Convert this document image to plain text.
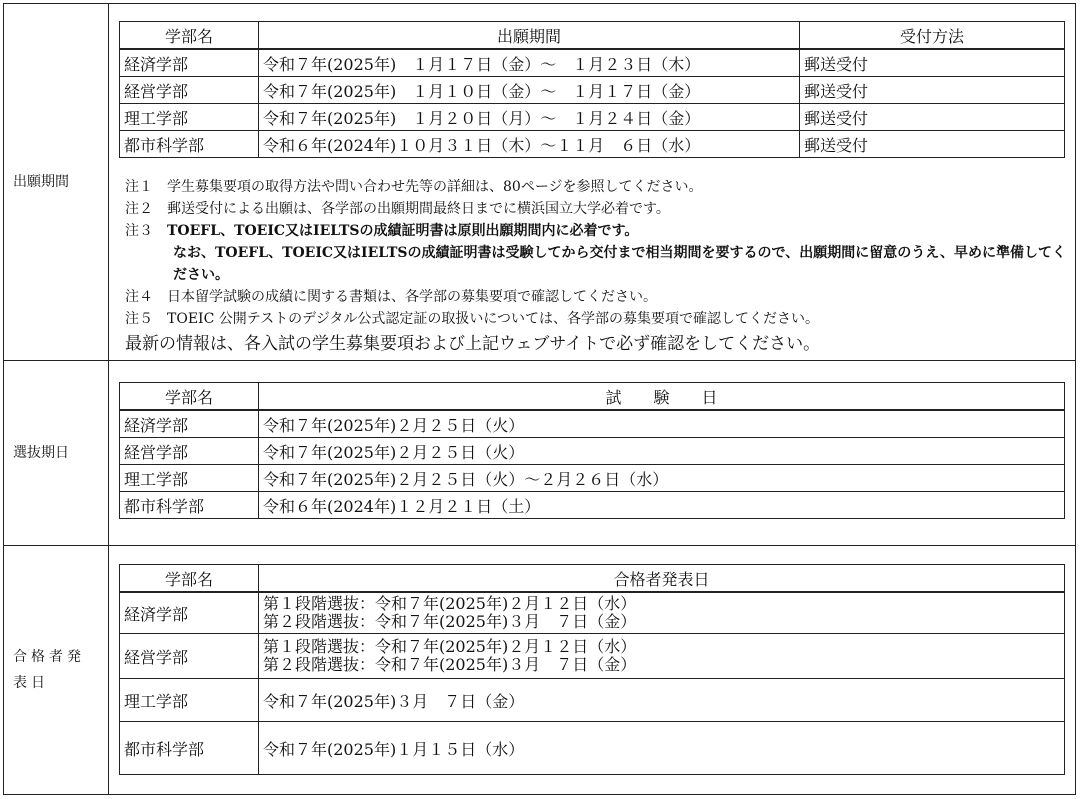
出願期間
選抜期日
合格者発表日
学部名	出願期間	受付方法
経済学部	令和７年(2025年)　１月１７日（金）～　１月２３日（木）	郵送受付
経営学部	令和７年(2025年)　１月１０日（金）～　１月１７日（金）	郵送受付
理工学部	令和７年(2025年)　１月２０日（月）～　１月２４日（金）	郵送受付
都市科学部	令和６年(2024年)１０月３１日（木）～１１月　６日（水）	郵送受付
注１　学生募集要項の取得方法や問い合わせ先等の詳細は、80ページを参照してください。
注２　郵送受付による出願は、各学部の出願期間最終日までに横浜国立大学必着です。
注３　TOEFL、TOEIC又はIELTSの成績証明書は原則出願期間内に必着です。
なお、TOEFL、TOEIC又はIELTSの成績証明書は受験してから交付まで相当期間を要するので、出願期間に留意のうえ、早めに準備してください。
注４　日本留学試験の成績に関する書類は、各学部の募集要項で確認してください。
注５　TOEIC 公開テストのデジタル公式認定証の取扱いについては、各学部の募集要項で確認してください。
最新の情報は、各入試の学生募集要項および上記ウェブサイトで必ず確認をしてください。
学部名	試　　験　　日
経済学部	令和７年(2025年)２月２５日（火）
経営学部	令和７年(2025年)２月２５日（火）
理工学部	令和７年(2025年)２月２５日（火）～２月２６日（水）
都市科学部	令和６年(2024年)１２月２１日（土）
学部名	合格者発表日
経済学部	第１段階選抜：令和７年(2025年)２月１２日（水）
第２段階選抜：令和７年(2025年)３月　７日（金）

経営学部	第１段階選抜：令和７年(2025年)２月１２日（水）
第２段階選抜：令和７年(2025年)３月　７日（金）

理工学部	令和７年(2025年)３月　７日（金）
都市科学部	令和７年(2025年)１月１５日（水）
